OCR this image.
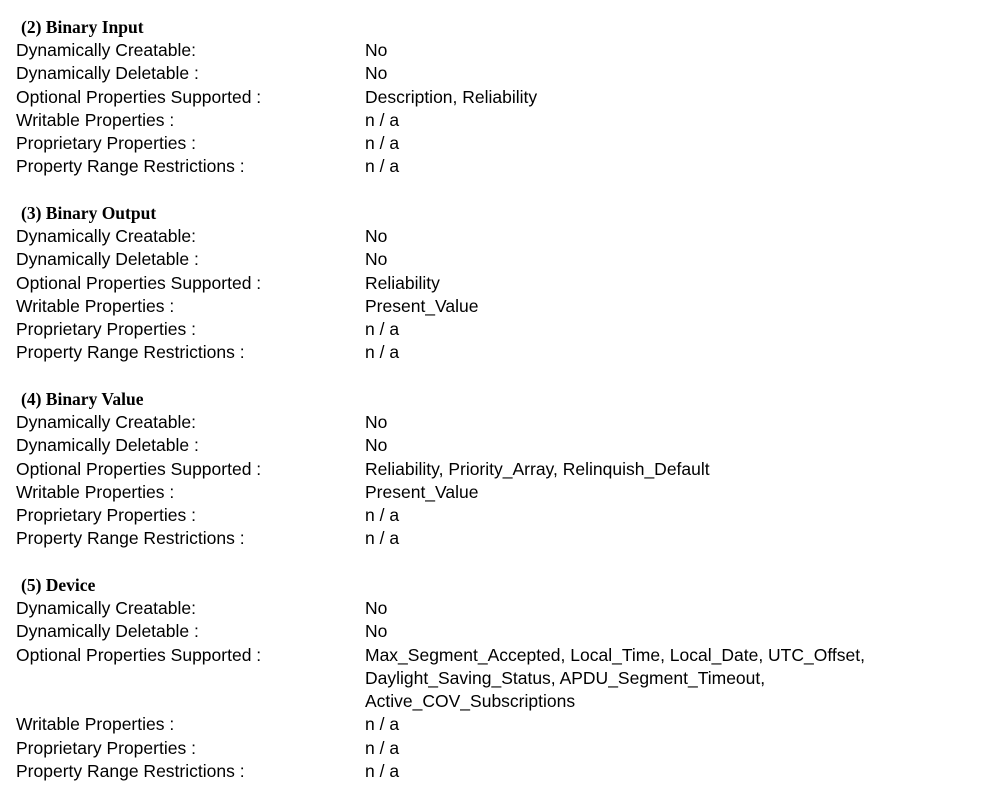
(2) Binary Input
Dynamically Creatable:	No
Dynamically Deletable :	No
Optional Properties Supported :	Description, Reliability
Writable Properties :	n / a
Proprietary Properties :	n / a
Property Range Restrictions :	n / a
(3) Binary Output
Dynamically Creatable:	No
Dynamically Deletable :	No
Optional Properties Supported :	Reliability
Writable Properties :	Present_Value
Proprietary Properties :	n / a
Property Range Restrictions :	n / a
(4) Binary Value
Dynamically Creatable:	No
Dynamically Deletable :	No
Optional Properties Supported :	Reliability, Priority_Array, Relinquish_Default
Writable Properties :	Present_Value
Proprietary Properties :	n / a
Property Range Restrictions :	n / a
(5) Device
Dynamically Creatable:	No
Dynamically Deletable :	No
Optional Properties Supported :	Max_Segment_Accepted, Local_Time, Local_Date, UTC_Offset, Daylight_Saving_Status, APDU_Segment_Timeout, Active_COV_Subscriptions
Writable Properties :	n / a
Proprietary Properties :	n / a
Property Range Restrictions :	n / a
